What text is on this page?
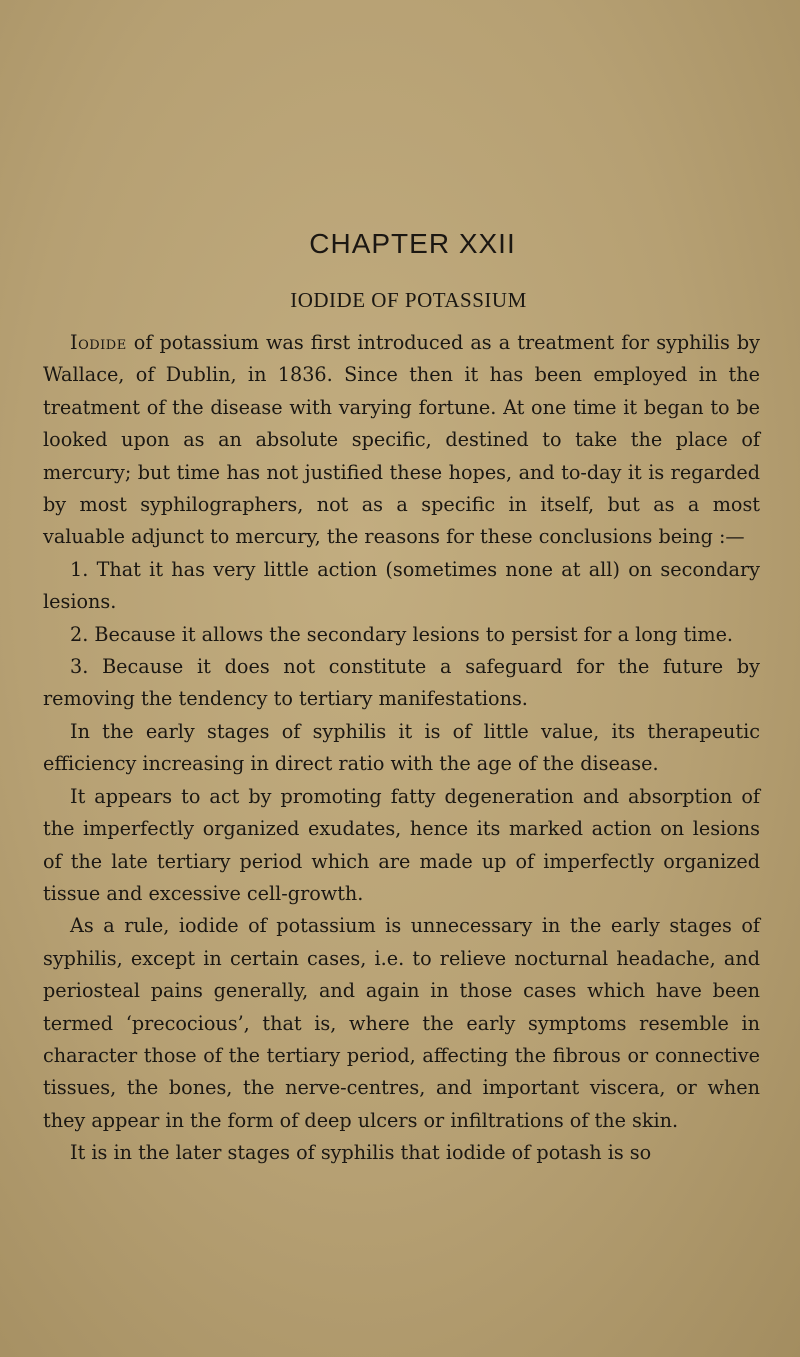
CHAPTER XXII
IODIDE OF POTASSIUM

Iodide of potassium was first introduced as a treatment for syphilis by Wallace, of Dublin, in 1836. Since then it has been employed in the treatment of the disease with varying fortune. At one time it began to be looked upon as an absolute specific, destined to take the place of mercury; but time has not justified these hopes, and to-day it is regarded by most syphilographers, not as a specific in itself, but as a most valuable adjunct to mercury, the reasons for these conclusions being :—

1. That it has very little action (sometimes none at all) on secondary lesions.

2. Because it allows the secondary lesions to persist for a long time.

3. Because it does not constitute a safeguard for the future by removing the tendency to tertiary manifestations.

In the early stages of syphilis it is of little value, its therapeutic efficiency increasing in direct ratio with the age of the disease.

It appears to act by promoting fatty degeneration and absorption of the imperfectly organized exudates, hence its marked action on lesions of the late tertiary period which are made up of imperfectly organized tissue and excessive cell-growth.

As a rule, iodide of potassium is unnecessary in the early stages of syphilis, except in certain cases, i.e. to relieve nocturnal headache, and periosteal pains generally, and again in those cases which have been termed ‘precocious’, that is, where the early symptoms resemble in character those of the tertiary period, affecting the fibrous or connective tissues, the bones, the nerve-centres, and important viscera, or when they appear in the form of deep ulcers or infiltrations of the skin.

It is in the later stages of syphilis that iodide of potash is so
